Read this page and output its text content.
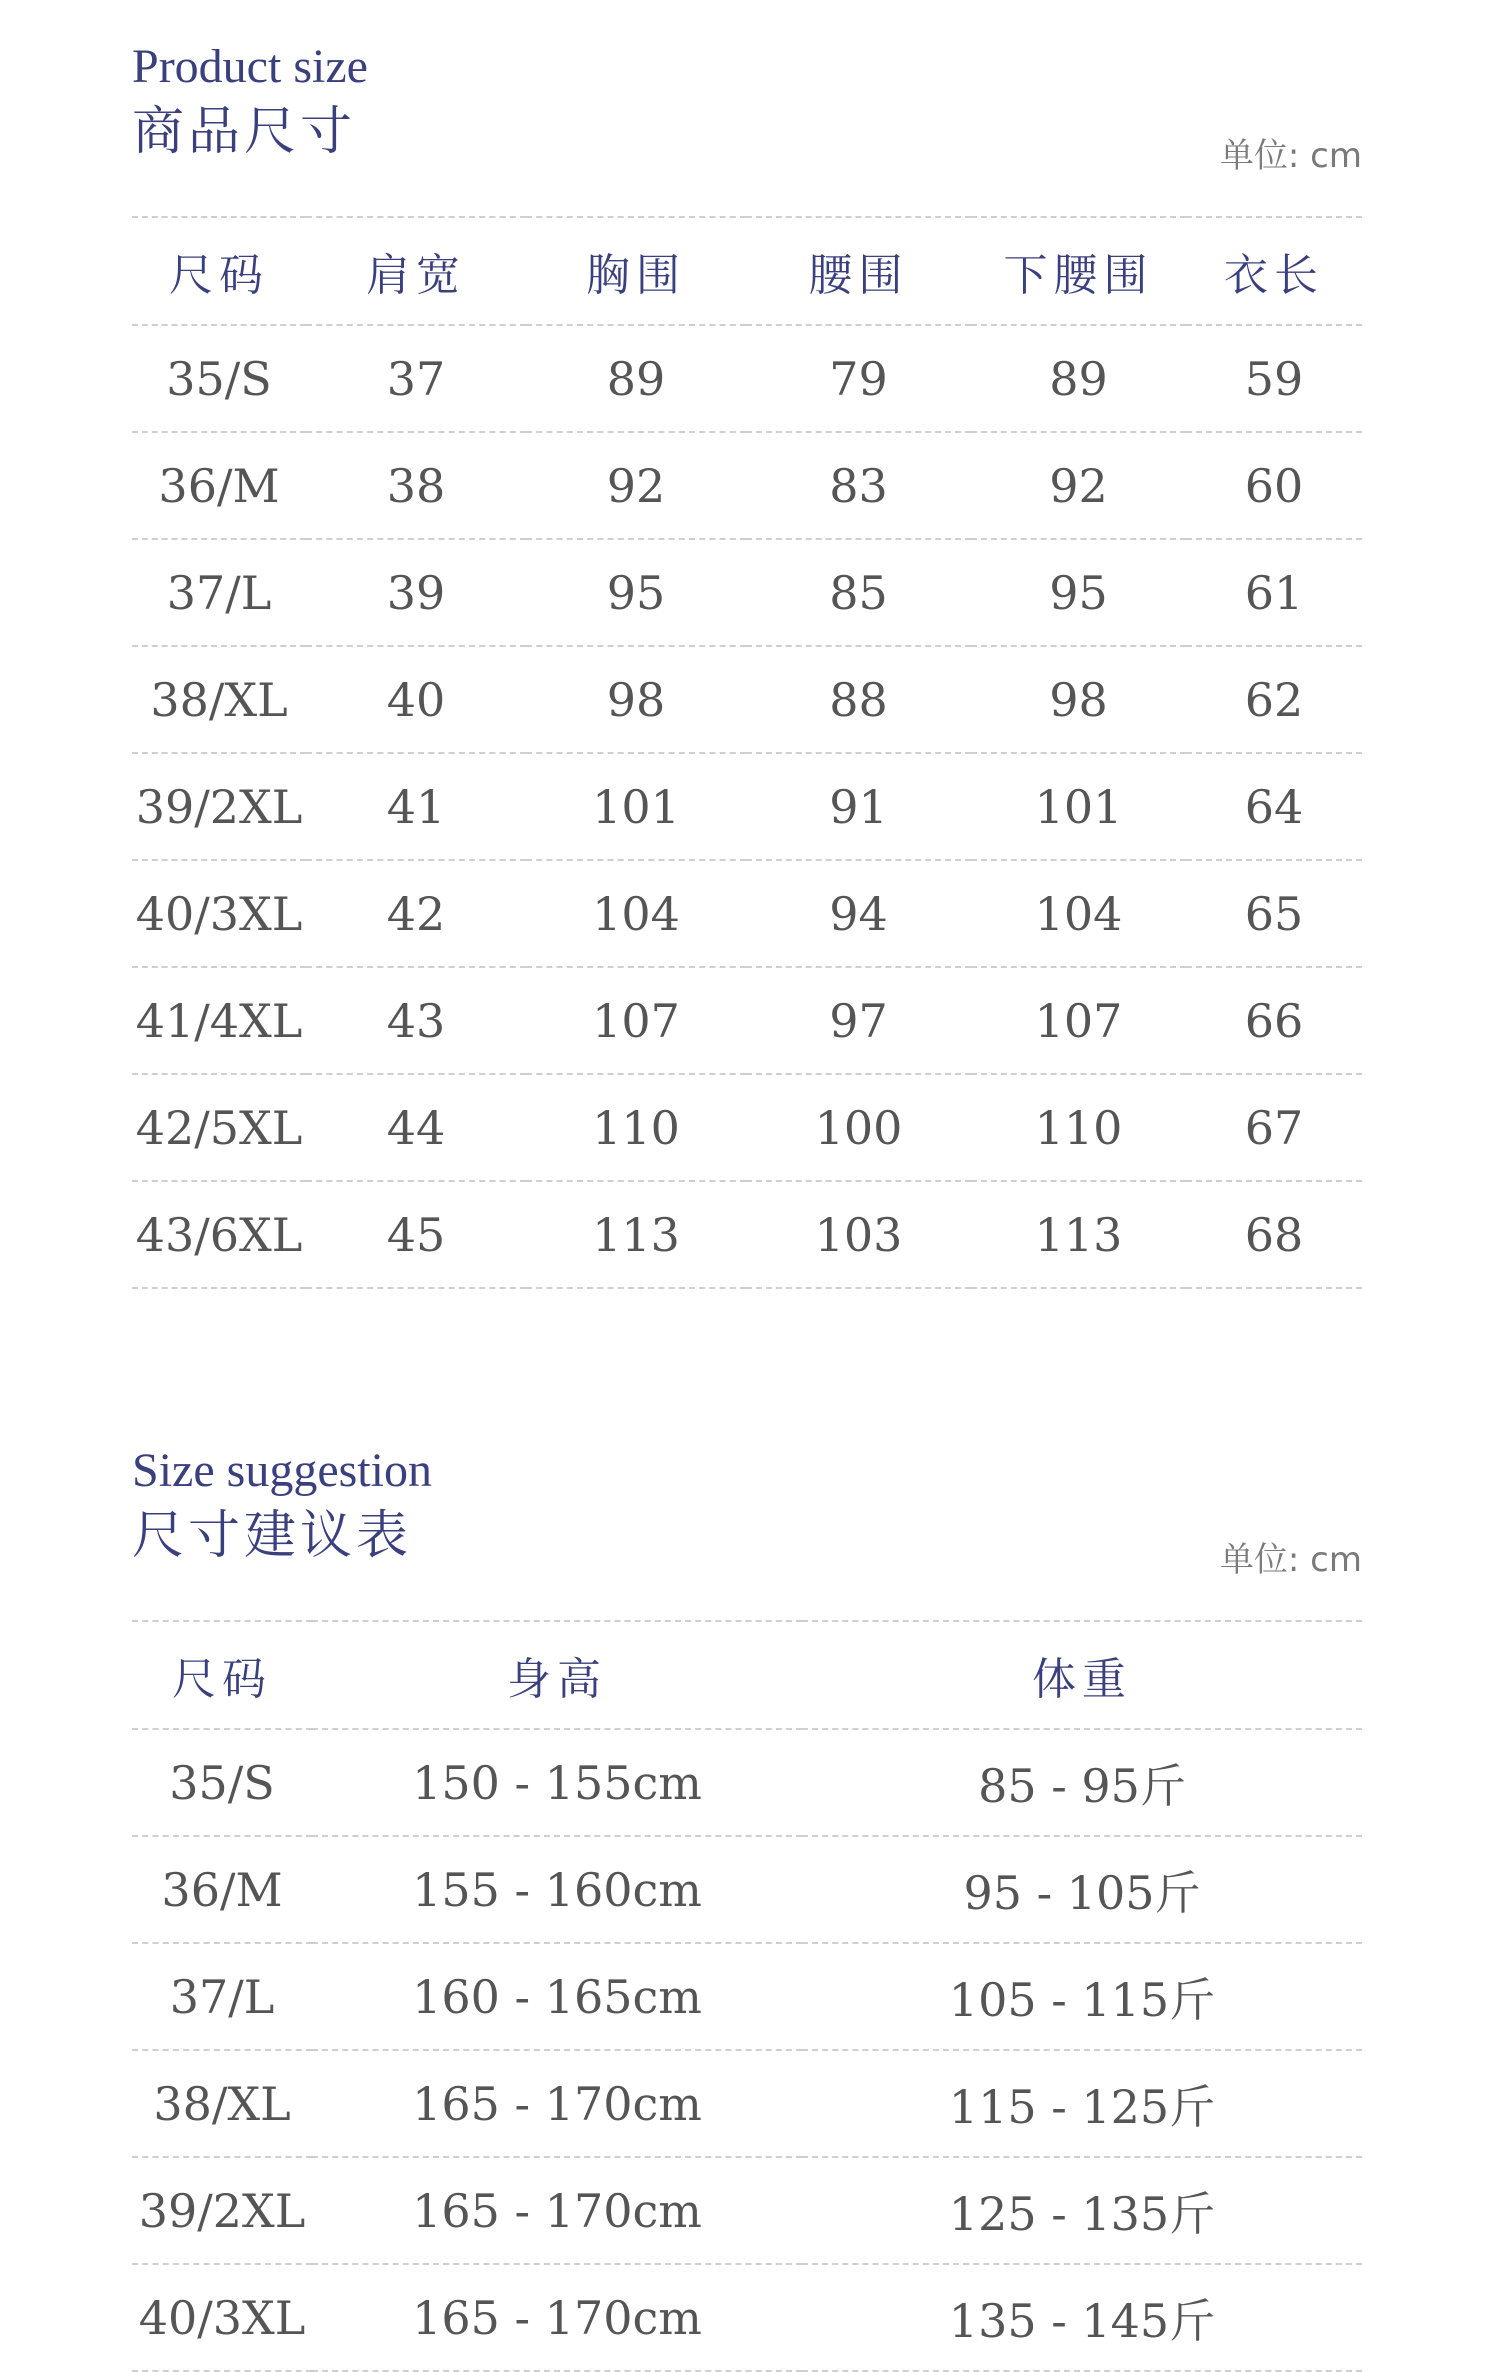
Product size
商品尺寸	单位: cm
尺码	肩宽	胸围	腰围	下腰围	衣长
35/S	37	89	79	89	59
36/M	38	92	83	92	60
37/L	39	95	85	95	61
38/XL	40	98	88	98	62
39/2XL	41	101	91	101	64
40/3XL	42	104	94	104	65
41/4XL	43	107	97	107	66
42/5XL	44	110	100	110	67
43/6XL	45	113	103	113	68
Size suggestion
尺寸建议表	单位: cm
尺码	身高	体重
35/S	150 - 155cm	85 - 95斤
36/M	155 - 160cm	95 - 105斤
37/L	160 - 165cm	105 - 115斤
38/XL	165 - 170cm	115 - 125斤
39/2XL	165 - 170cm	125 - 135斤
40/3XL	165 - 170cm	135 - 145斤
